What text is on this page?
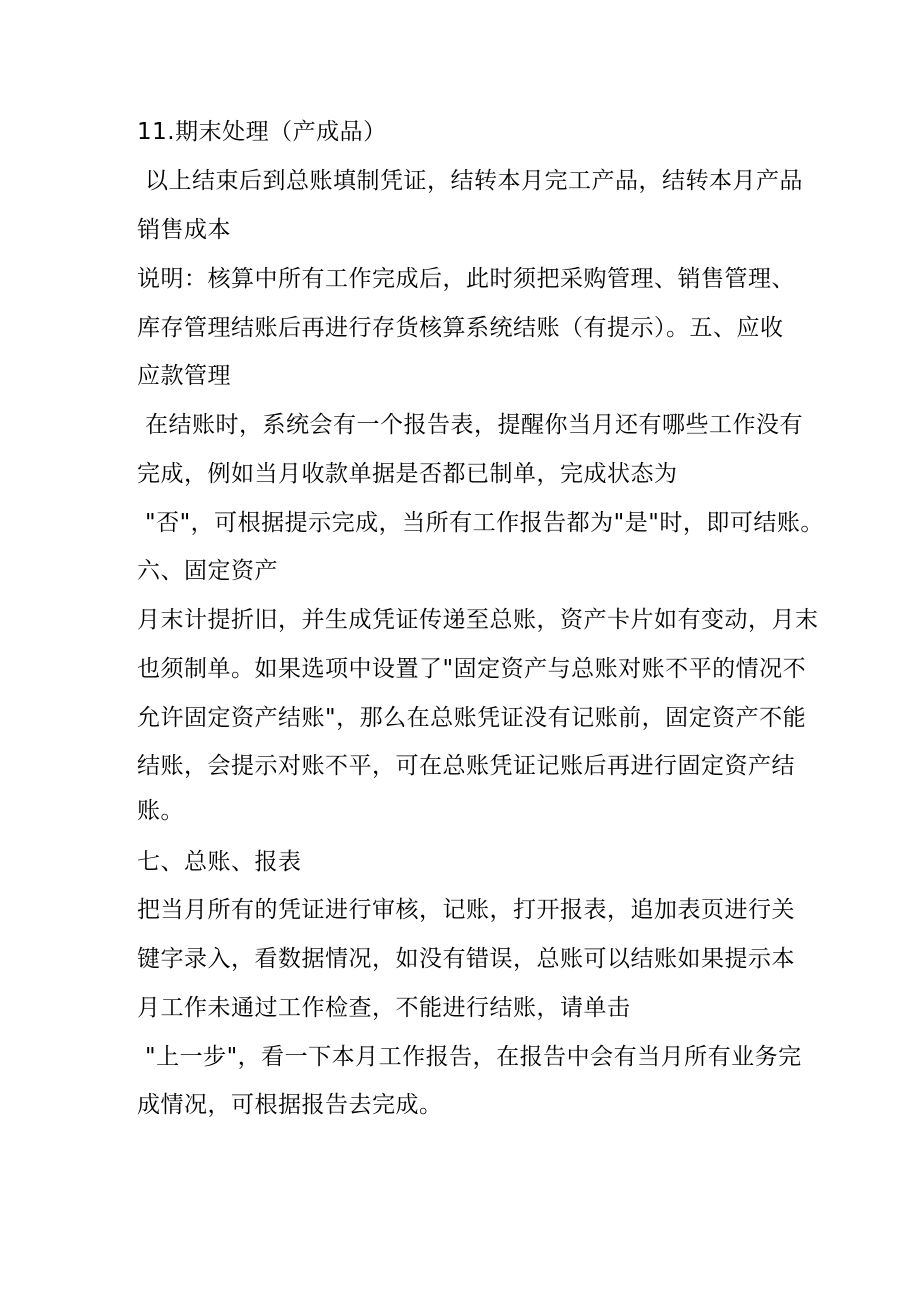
11.期末处理（产成品）
以上结束后到总账填制凭证，结转本月完工产品，结转本月产品
销售成本
说明：核算中所有工作完成后，此时须把采购管理、销售管理、
库存管理结账后再进行存货核算系统结账（有提示）。五、应收
应款管理
在结账时，系统会有一个报告表，提醒你当月还有哪些工作没有
完成，例如当月收款单据是否都已制单，完成状态为
"否"，可根据提示完成，当所有工作报告都为"是"时，即可结账。
六、固定资产
月末计提折旧，并生成凭证传递至总账，资产卡片如有变动，月末
也须制单。如果选项中设置了"固定资产与总账对账不平的情况不
允许固定资产结账"，那么在总账凭证没有记账前，固定资产不能
结账，会提示对账不平，可在总账凭证记账后再进行固定资产结
账。
七、总账、报表
把当月所有的凭证进行审核，记账，打开报表，追加表页进行关
键字录入，看数据情况，如没有错误，总账可以结账如果提示本
月工作未通过工作检查，不能进行结账，请单击
"上一步"，看一下本月工作报告，在报告中会有当月所有业务完
成情况，可根据报告去完成。
